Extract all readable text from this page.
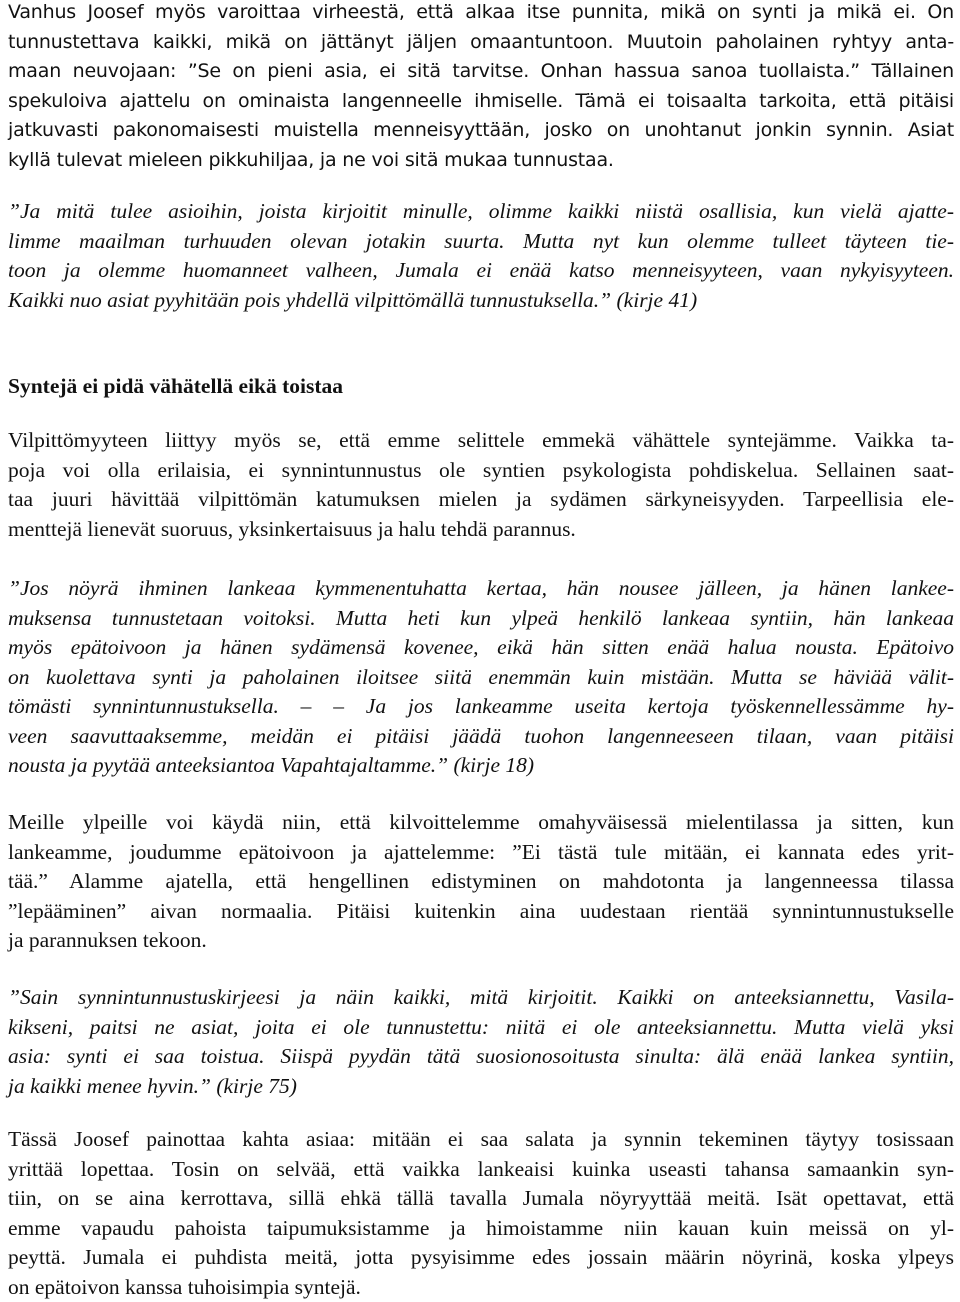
Vanhus Joosef myös varoittaa virheestä, että alkaa itse punnita, mikä on synti ja mikä ei. On
tunnustettava kaikki, mikä on jättänyt jäljen omaantuntoon. Muutoin paholainen ryhtyy anta-
maan neuvojaan: ”Se on pieni asia, ei sitä tarvitse. Onhan hassua sanoa tuollaista.” Tällainen
spekuloiva ajattelu on ominaista langenneelle ihmiselle. Tämä ei toisaalta tarkoita, että pitäisi
jatkuvasti pakonomaisesti muistella menneisyyttään, josko on unohtanut jonkin synnin. Asiat
kyllä tulevat mieleen pikkuhiljaa, ja ne voi sitä mukaa tunnustaa.
”Ja mitä tulee asioihin, joista kirjoitit minulle, olimme kaikki niistä osallisia, kun vielä ajatte-
limme maailman turhuuden olevan jotakin suurta. Mutta nyt kun olemme tulleet täyteen tie-
toon ja olemme huomanneet valheen, Jumala ei enää katso menneisyyteen, vaan nykyisyyteen.
Kaikki nuo asiat pyyhitään pois yhdellä vilpittömällä tunnustuksella.” (kirje 41)
Syntejä ei pidä vähätellä eikä toistaa
Vilpittömyyteen liittyy myös se, että emme selittele emmekä vähättele syntejämme. Vaikka ta-
poja voi olla erilaisia, ei synnintunnustus ole syntien psykologista pohdiskelua. Sellainen saat-
taa juuri hävittää vilpittömän katumuksen mielen ja sydämen särkyneisyyden. Tarpeellisia ele-
menttejä lienevät suoruus, yksinkertaisuus ja halu tehdä parannus.
”Jos nöyrä ihminen lankeaa kymmenentuhatta kertaa, hän nousee jälleen, ja hänen lankee-
muksensa tunnustetaan voitoksi. Mutta heti kun ylpeä henkilö lankeaa syntiin, hän lankeaa
myös epätoivoon ja hänen sydämensä kovenee, eikä hän sitten enää halua nousta. Epätoivo
on kuolettava synti ja paholainen iloitsee siitä enemmän kuin mistään. Mutta se häviää välit-
tömästi synnintunnustuksella. – – Ja jos lankeamme useita kertoja työskennellessämme hy-
veen saavuttaaksemme, meidän ei pitäisi jäädä tuohon langenneeseen tilaan, vaan pitäisi
nousta ja pyytää anteeksiantoa Vapahtajaltamme.” (kirje 18)
Meille ylpeille voi käydä niin, että kilvoittelemme omahyväisessä mielentilassa ja sitten, kun
lankeamme, joudumme epätoivoon ja ajattelemme: ”Ei tästä tule mitään, ei kannata edes yrit-
tää.” Alamme ajatella, että hengellinen edistyminen on mahdotonta ja langenneessa tilassa
”lepääminen” aivan normaalia. Pitäisi kuitenkin aina uudestaan rientää synnintunnustukselle
ja parannuksen tekoon.
”Sain synnintunnustuskirjeesi ja näin kaikki, mitä kirjoitit. Kaikki on anteeksiannettu, Vasila-
kikseni, paitsi ne asiat, joita ei ole tunnustettu: niitä ei ole anteeksiannettu. Mutta vielä yksi
asia: synti ei saa toistua. Siispä pyydän tätä suosionosoitusta sinulta: älä enää lankea syntiin,
ja kaikki menee hyvin.” (kirje 75)
Tässä Joosef painottaa kahta asiaa: mitään ei saa salata ja synnin tekeminen täytyy tosissaan
yrittää lopettaa. Tosin on selvää, että vaikka lankeaisi kuinka useasti tahansa samaankin syn-
tiin, on se aina kerrottava, sillä ehkä tällä tavalla Jumala nöyryyttää meitä. Isät opettavat, että
emme vapaudu pahoista taipumuksistamme ja himoistamme niin kauan kuin meissä on yl-
peyttä. Jumala ei puhdista meitä, jotta pysyisimme edes jossain määrin nöyrinä, koska ylpeys
on epätoivon kanssa tuhoisimpia syntejä.
